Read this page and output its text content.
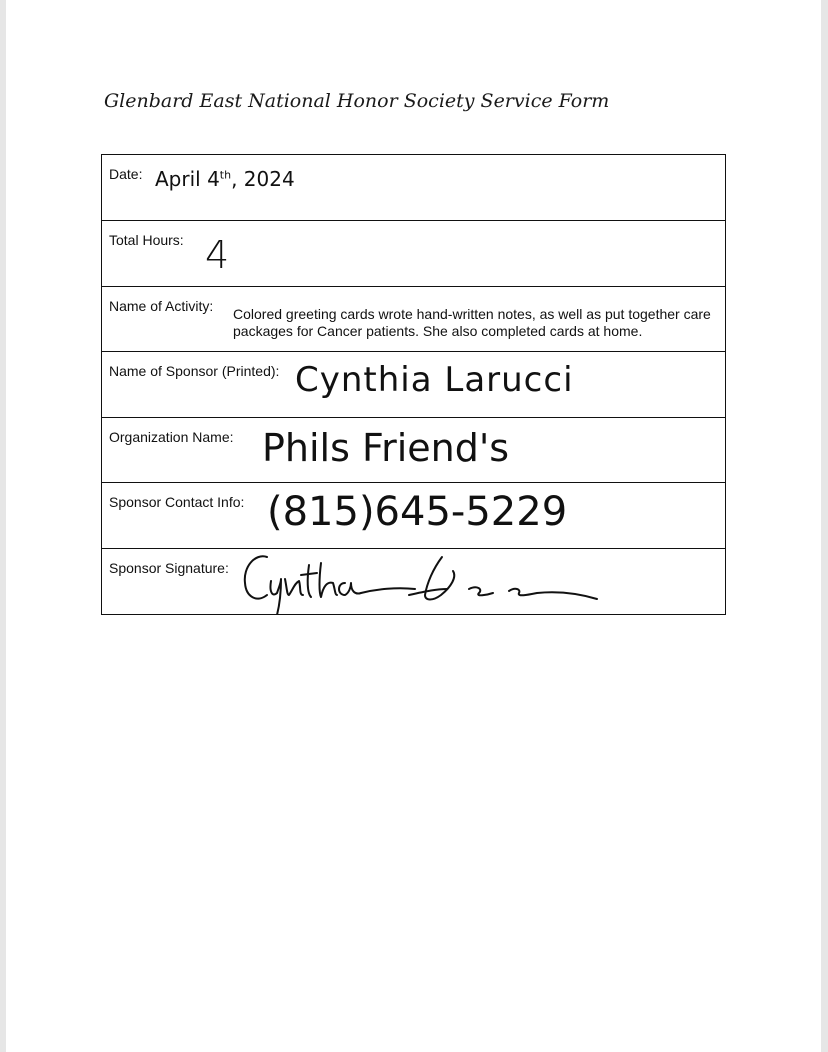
Glenbard East National Honor Society Service Form
Date: April 4th, 2024
Total Hours: 4
Name of Activity: Colored greeting cards wrote hand-written notes, as well as put together care packages for Cancer patients. She also completed cards at home.
Name of Sponsor (Printed): Cynthia Larucci
Organization Name: Phils Friend's
Sponsor Contact Info: (815)645-5229
Sponsor Signature:
